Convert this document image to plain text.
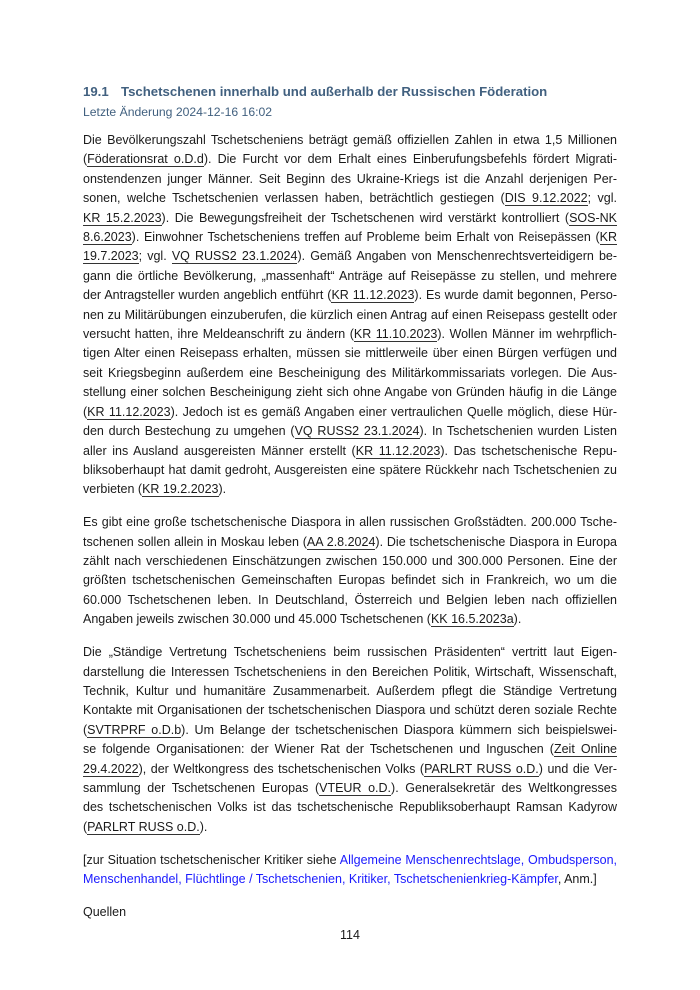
19.1 Tschetschenen innerhalb und außerhalb der Russischen Föderation
Letzte Änderung 2024-12-16 16:02
Die Bevölkerungszahl Tschetscheniens beträgt gemäß offiziellen Zahlen in etwa 1,5 Millionen
(Föderationsrat o.D.d). Die Furcht vor dem Erhalt eines Einberufungsbefehls fördert Migrati-
onstendenzen junger Männer. Seit Beginn des Ukraine-Kriegs ist die Anzahl derjenigen Per-
sonen, welche Tschetschenien verlassen haben, beträchtlich gestiegen (DIS 9.12.2022; vgl.
KR 15.2.2023). Die Bewegungsfreiheit der Tschetschenen wird verstärkt kontrolliert (SOS-NK
8.6.2023). Einwohner Tschetscheniens treffen auf Probleme beim Erhalt von Reisepässen (KR
19.7.2023; vgl. VQ RUSS2 23.1.2024). Gemäß Angaben von Menschenrechtsverteidigern be-
gann die örtliche Bevölkerung, „massenhaft“ Anträge auf Reisepässe zu stellen, und mehrere
der Antragsteller wurden angeblich entführt (KR 11.12.2023). Es wurde damit begonnen, Perso-
nen zu Militärübungen einzuberufen, die kürzlich einen Antrag auf einen Reisepass gestellt oder
versucht hatten, ihre Meldeanschrift zu ändern (KR 11.10.2023). Wollen Männer im wehrpflich-
tigen Alter einen Reisepass erhalten, müssen sie mittlerweile über einen Bürgen verfügen und
seit Kriegsbeginn außerdem eine Bescheinigung des Militärkommissariats vorlegen. Die Aus-
stellung einer solchen Bescheinigung zieht sich ohne Angabe von Gründen häufig in die Länge
(KR 11.12.2023). Jedoch ist es gemäß Angaben einer vertraulichen Quelle möglich, diese Hür-
den durch Bestechung zu umgehen (VQ RUSS2 23.1.2024). In Tschetschenien wurden Listen
aller ins Ausland ausgereisten Männer erstellt (KR 11.12.2023). Das tschetschenische Repu-
bliksoberhaupt hat damit gedroht, Ausgereisten eine spätere Rückkehr nach Tschetschenien zu
verbieten (KR 19.2.2023).
Es gibt eine große tschetschenische Diaspora in allen russischen Großstädten. 200.000 Tsche-
tschenen sollen allein in Moskau leben (AA 2.8.2024). Die tschetschenische Diaspora in Europa
zählt nach verschiedenen Einschätzungen zwischen 150.000 und 300.000 Personen. Eine der
größten tschetschenischen Gemeinschaften Europas befindet sich in Frankreich, wo um die
60.000 Tschetschenen leben. In Deutschland, Österreich und Belgien leben nach offiziellen
Angaben jeweils zwischen 30.000 und 45.000 Tschetschenen (KK 16.5.2023a).
Die „Ständige Vertretung Tschetscheniens beim russischen Präsidenten“ vertritt laut Eigen-
darstellung die Interessen Tschetscheniens in den Bereichen Politik, Wirtschaft, Wissenschaft,
Technik, Kultur und humanitäre Zusammenarbeit. Außerdem pflegt die Ständige Vertretung
Kontakte mit Organisationen der tschetschenischen Diaspora und schützt deren soziale Rechte
(SVTRPRF o.D.b). Um Belange der tschetschenischen Diaspora kümmern sich beispielswei-
se folgende Organisationen: der Wiener Rat der Tschetschenen und Inguschen (Zeit Online
29.4.2022), der Weltkongress des tschetschenischen Volks (PARLRT RUSS o.D.) und die Ver-
sammlung der Tschetschenen Europas (VTEUR o.D.). Generalsekretär des Weltkongresses
des tschetschenischen Volks ist das tschetschenische Republiksoberhaupt Ramsan Kadyrow
(PARLRT RUSS o.D.).
[zur Situation tschetschenischer Kritiker siehe Allgemeine Menschenrechtslage, Ombudsperson,
Menschenhandel, Flüchtlinge / Tschetschenien, Kritiker, Tschetschenienkrieg-Kämpfer, Anm.]
Quellen
114
